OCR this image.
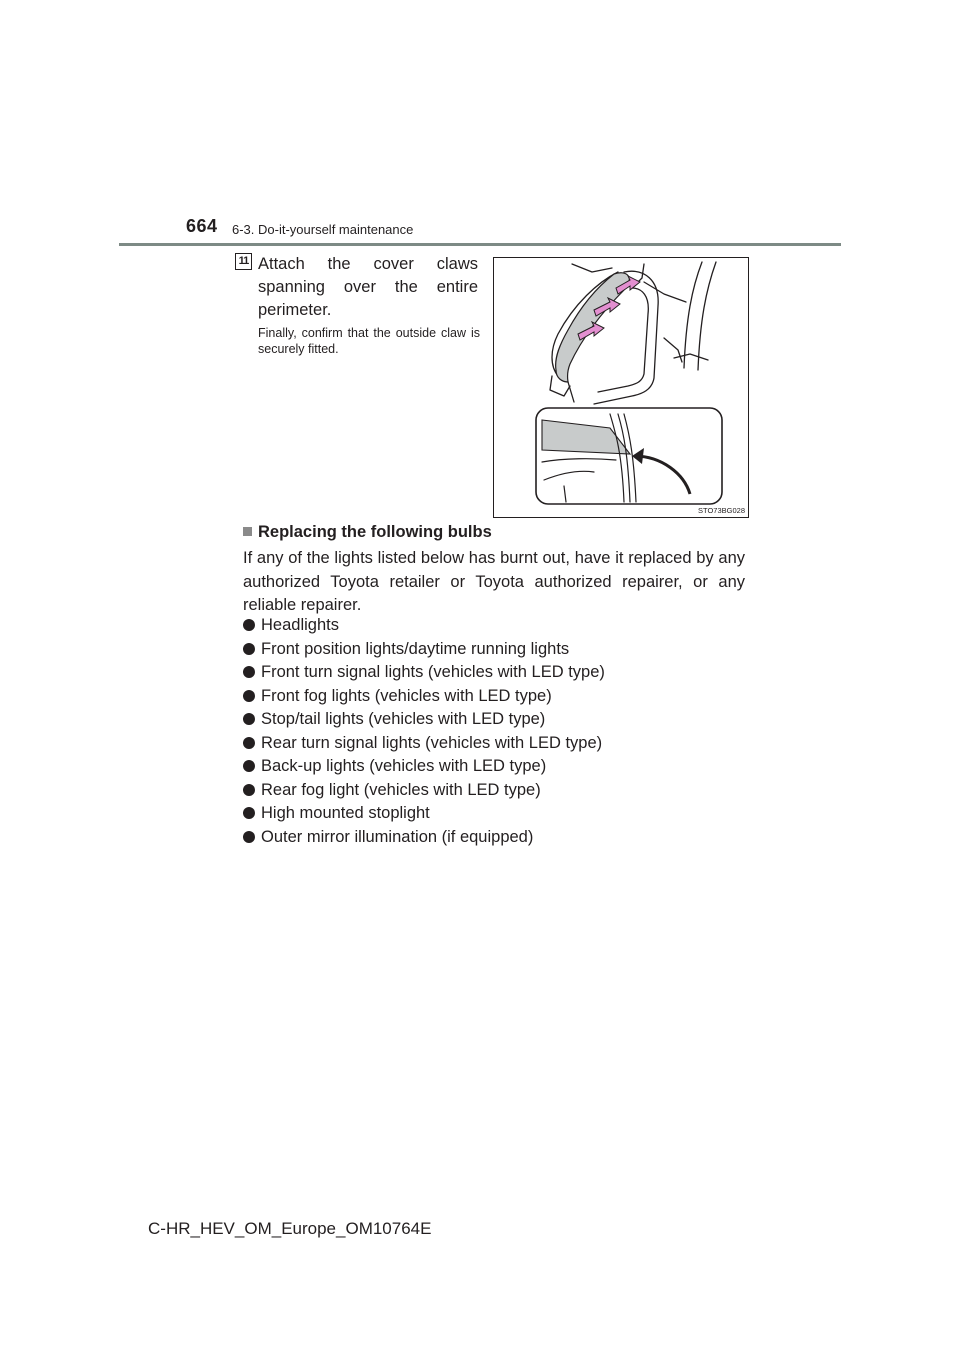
664 6-3. Do-it-yourself maintenance
11 Attach the cover claws spanning over the entire perimeter.
Finally, confirm that the outside claw is securely fitted.
STO73BG028
Replacing the following bulbs
If any of the lights listed below has burnt out, have it replaced by any authorized Toyota retailer or Toyota authorized repairer, or any reliable repairer.
Headlights
Front position lights/daytime running lights
Front turn signal lights (vehicles with LED type)
Front fog lights (vehicles with LED type)
Stop/tail lights (vehicles with LED type)
Rear turn signal lights (vehicles with LED type)
Back-up lights (vehicles with LED type)
Rear fog light (vehicles with LED type)
High mounted stoplight
Outer mirror illumination (if equipped)
C-HR_HEV_OM_Europe_OM10764E
